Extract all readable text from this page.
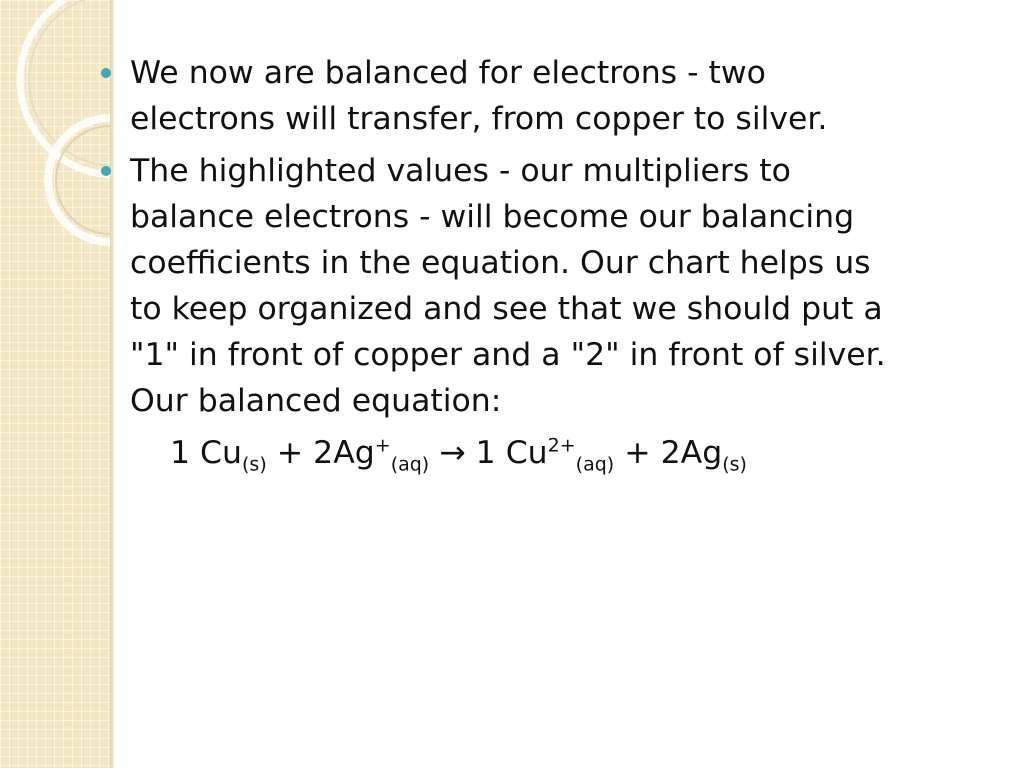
We now are balanced for electrons - two electrons will transfer, from copper to silver.
The highlighted values - our multipliers to balance electrons - will become our balancing coefficients in the equation. Our chart helps us to keep organized and see that we should put a "1" in front of copper and a "2" in front of silver. Our balanced equation:
1 $Cu_{(s)} + 2Ag^+_{(aq)} \to 1$ $Cu^{2+}_{(aq)} + 2Ag_{(s)}$
